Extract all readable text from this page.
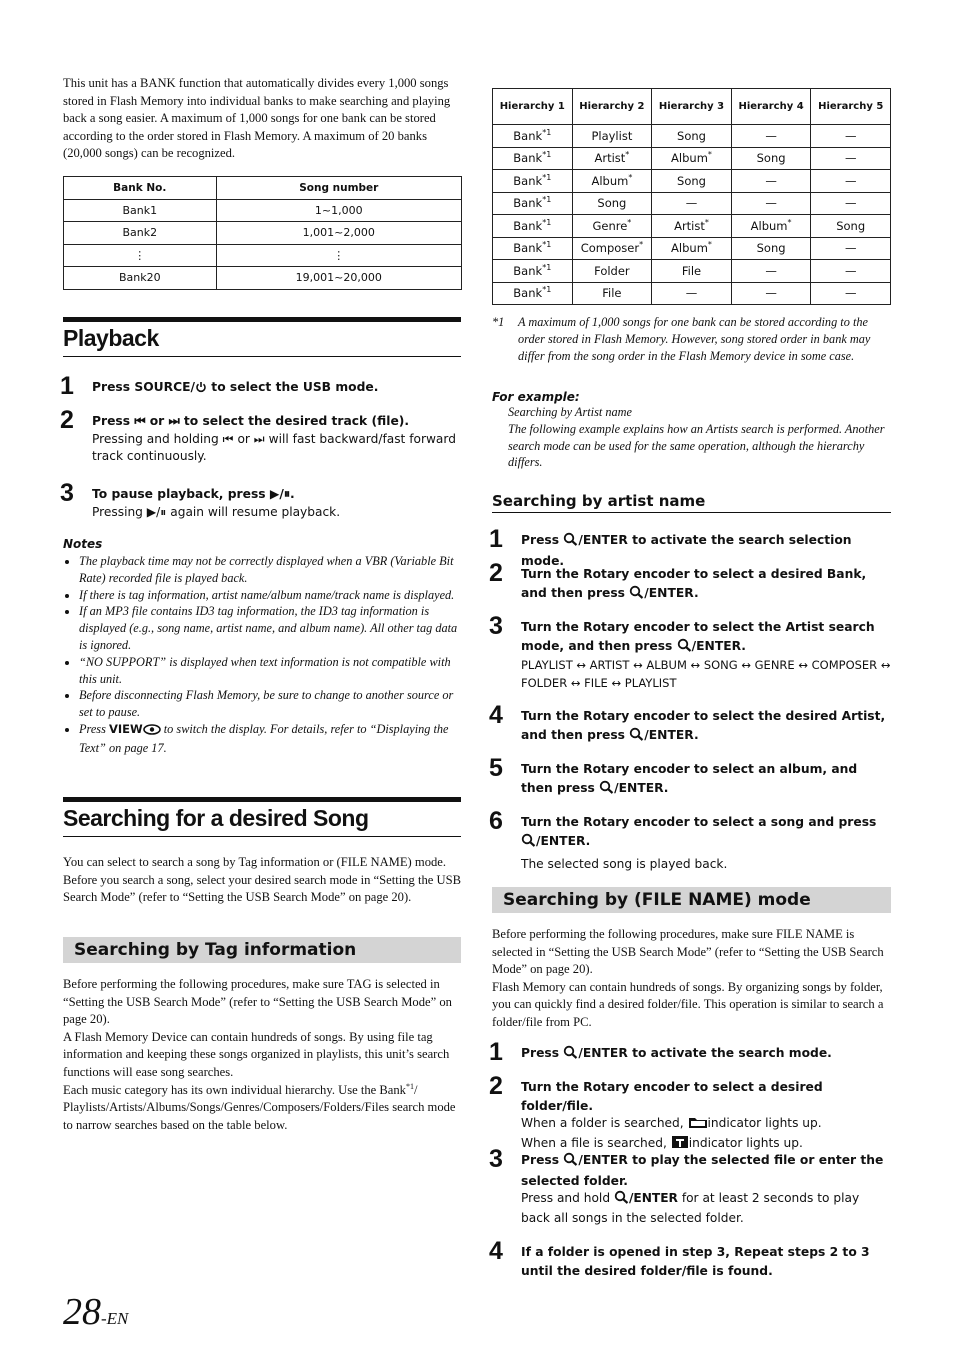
This unit has a BANK function that automatically divides every 1,000 songs stored in Flash Memory into individual banks to make searching and playing back a song easier. A maximum of 1,000 songs for one bank can be stored according to the order stored in Flash Memory. A maximum of 20 banks (20,000 songs) can be recognized.
Bank No.	Song number
Bank1	1~1,000
Bank2	1,001~2,000
⋮	⋮
Bank20	19,001~20,000
Playback
1 Press SOURCE/ to select the USB mode.
2 Press ⏮ or ⏭ to select the desired track (file).
Pressing and holding ⏮ or ⏭ will fast backward/fast forward track continuously.
3 To pause playback, press ▶/⏸.
Pressing ▶/⏸ again will resume playback.
Notes
• The playback time may not be correctly displayed when a VBR (Variable Bit Rate) recorded file is played back.
• If there is tag information, artist name/album name/track name is displayed.
• If an MP3 file contains ID3 tag information, the ID3 tag information is displayed (e.g., song name, artist name, and album name). All other tag data is ignored.
• “NO SUPPORT” is displayed when text information is not compatible with this unit.
• Before disconnecting Flash Memory, be sure to change to another source or set to pause.
• Press VIEW to switch the display. For details, refer to “Displaying the Text” on page 17.
Searching for a desired Song
You can select to search a song by Tag information or (FILE NAME) mode. Before you search a song, select your desired search mode in “Setting the USB Search Mode” (refer to “Setting the USB Search Mode” on page 20).
Searching by Tag information
Before performing the following procedures, make sure TAG is selected in “Setting the USB Search Mode” (refer to “Setting the USB Search Mode” on page 20).
A Flash Memory Device can contain hundreds of songs. By using file tag information and keeping these songs organized in playlists, this unit’s search functions will ease song searches.
Each music category has its own individual hierarchy. Use the Bank$^{*1}$/ Playlists/Artists/Albums/Songs/Genres/Composers/Folders/Files search mode to narrow searches based on the table below.
28-EN
Hierarchy 1	Hierarchy 2	Hierarchy 3	Hierarchy 4	Hierarchy 5
Bank$^{*1}$	Playlist	Song	—	—
Bank$^{*1}$	Artist*	Album*	Song	—
Bank$^{*1}$	Album*	Song	—	—
Bank$^{*1}$	Song	—	—	—
Bank$^{*1}$	Genre*	Artist*	Album*	Song
Bank$^{*1}$	Composer*	Album*	Song	—
Bank$^{*1}$	Folder	File	—	—
Bank$^{*1}$	File	—	—	—
*1 A maximum of 1,000 songs for one bank can be stored according to the order stored in Flash Memory. However, song stored order in bank may differ from the song order in the Flash Memory device in some case.
For example:
Searching by Artist name
The following example explains how an Artists search is performed. Another search mode can be used for the same operation, although the hierarchy differs.
Searching by artist name
1 Press /ENTER to activate the search selection mode.
2 Turn the Rotary encoder to select a desired Bank, and then press /ENTER.
3 Turn the Rotary encoder to select the Artist search mode, and then press /ENTER.
PLAYLIST ↔ ARTIST ↔ ALBUM ↔ SONG ↔ GENRE ↔ COMPOSER ↔ FOLDER ↔ FILE ↔ PLAYLIST
4 Turn the Rotary encoder to select the desired Artist, and then press /ENTER.
5 Turn the Rotary encoder to select an album, and then press /ENTER.
6 Turn the Rotary encoder to select a song and press /ENTER.
The selected song is played back.
Searching by (FILE NAME) mode
Before performing the following procedures, make sure FILE NAME is selected in “Setting the USB Search Mode” (refer to “Setting the USB Search Mode” on page 20).
Flash Memory can contain hundreds of songs. By organizing songs by folder, you can quickly find a desired folder/file. This operation is similar to search a folder/file from PC.
1 Press /ENTER to activate the search mode.
2 Turn the Rotary encoder to select a desired folder/file.
When a folder is searched, indicator lights up.
When a file is searched, indicator lights up.
3 Press /ENTER to play the selected file or enter the selected folder.
Press and hold /ENTER for at least 2 seconds to play back all songs in the selected folder.
4 If a folder is opened in step 3, Repeat steps 2 to 3 until the desired folder/file is found.
